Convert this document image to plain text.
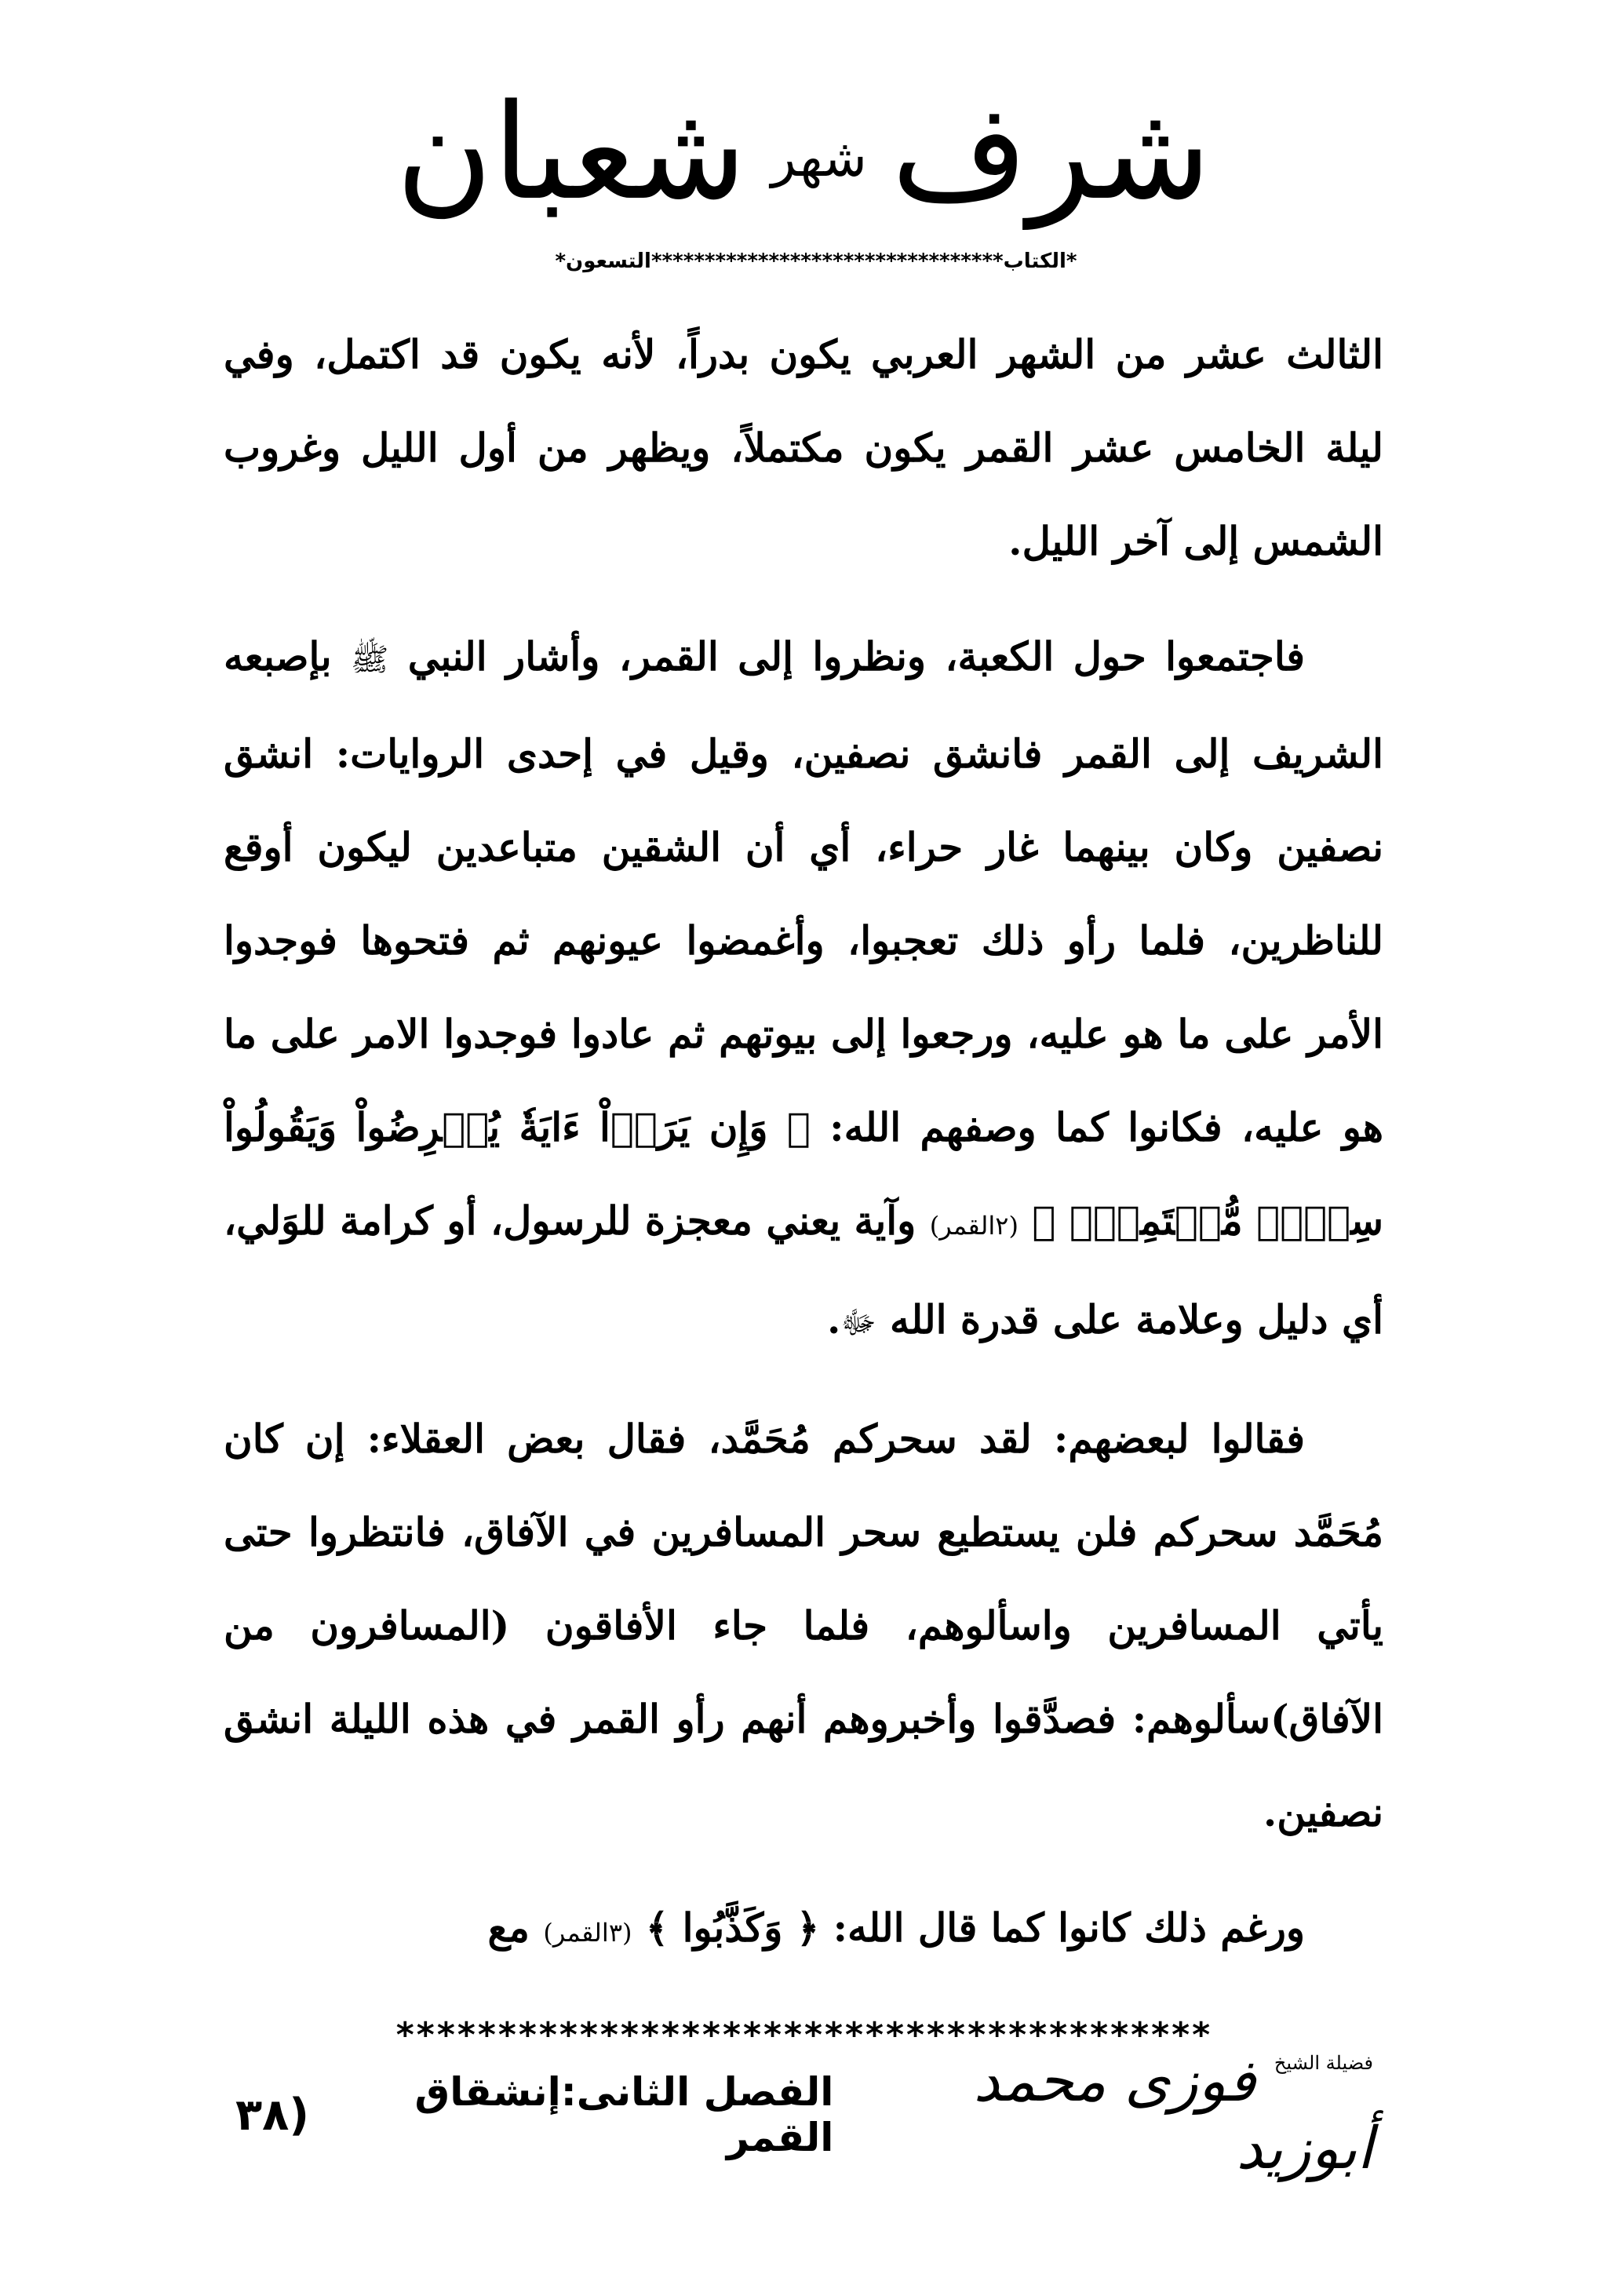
شرف شهر شعبان
*الكتاب*********************************التسعون*

الثالث عشر من الشهر العربي يكون بدراً، لأنه يكون قد اكتمل، وفي ليلة الخامس عشر القمر يكون مكتملاً، ويظهر من أول الليل وغروب الشمس إلى آخر الليل.

فاجتمعوا حول الكعبة، ونظروا إلى القمر، وأشار النبي ﷺ بإصبعه الشريف إلى القمر فانشق نصفين، وقيل في إحدى الروايات: انشق نصفين وكان بينهما غار حراء، أي أن الشقين متباعدين ليكون أوقع للناظرين، فلما رأو ذلك تعجبوا، وأغمضوا عيونهم ثم فتحوها فوجدوا الأمر على ما هو عليه، ورجعوا إلى بيوتهم ثم عادوا فوجدوا الامر على ما هو عليه، فكانوا كما وصفهم الله: ﴿ وَإِن يَرَوۡاْ ءَايَةٗ يُعۡرِضُواْ وَيَقُولُواْ سِحۡرٞ مُّسۡتَمِرّٞ ﴾ (٢القمر) وآية يعني معجزة للرسول، أو كرامة للوَلي، أي دليل وعلامة على قدرة الله ﷻ.

فقالوا لبعضهم: لقد سحركم مُحَمَّد، فقال بعض العقلاء: إن كان مُحَمَّد سحركم فلن يستطيع سحر المسافرين في الآفاق، فانتظروا حتى يأتي المسافرين واسألوهم، فلما جاء الأفاقون (المسافرون من الآفاق)سألوهم: فصدَّقوا وأخبروهم أنهم رأو القمر في هذه الليلة انشق نصفين.

ورغم ذلك كانوا كما قال الله: ﴿ وَكَذَّبُوا ﴾ (٣القمر) مع

****************************************
$^{فضيلة الشيخ}$ فوزى محمد أبوزيد
الفصل الثانى:إنشقاق القمر
(٣٨
